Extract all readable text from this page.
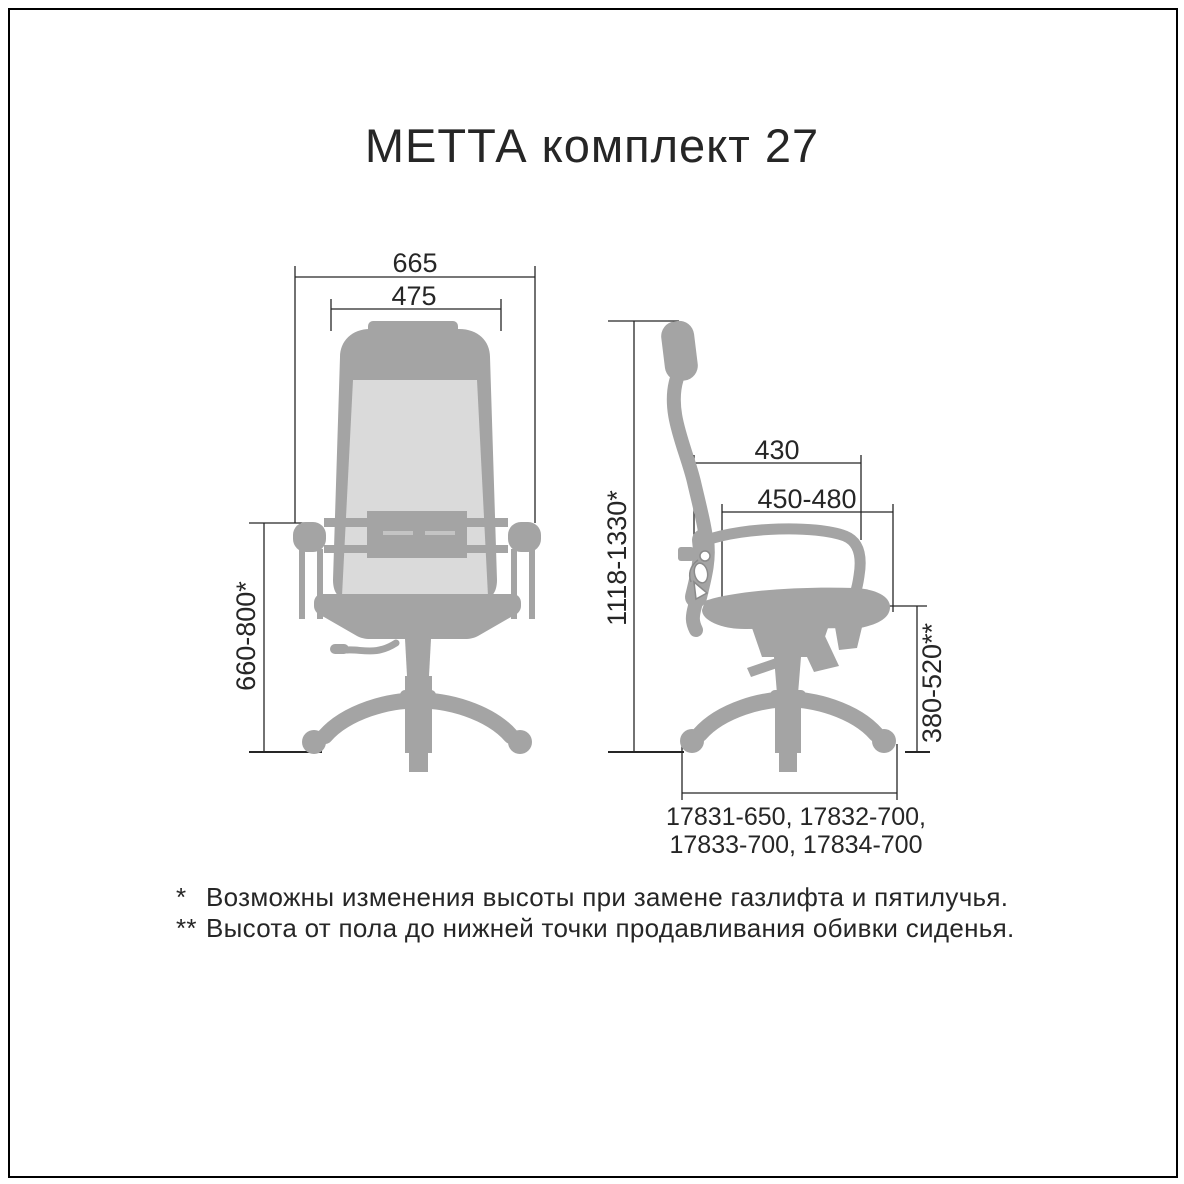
МЕТТА комплект 27
665
475
660-800*
1118-1330*
430
450-480
380-520**
17831-650, 17832-700,
17833-700, 17834-700
* Возможны изменения высоты при замене газлифта и пятилучья.
** Высота от пола до нижней точки продавливания обивки сиденья.
